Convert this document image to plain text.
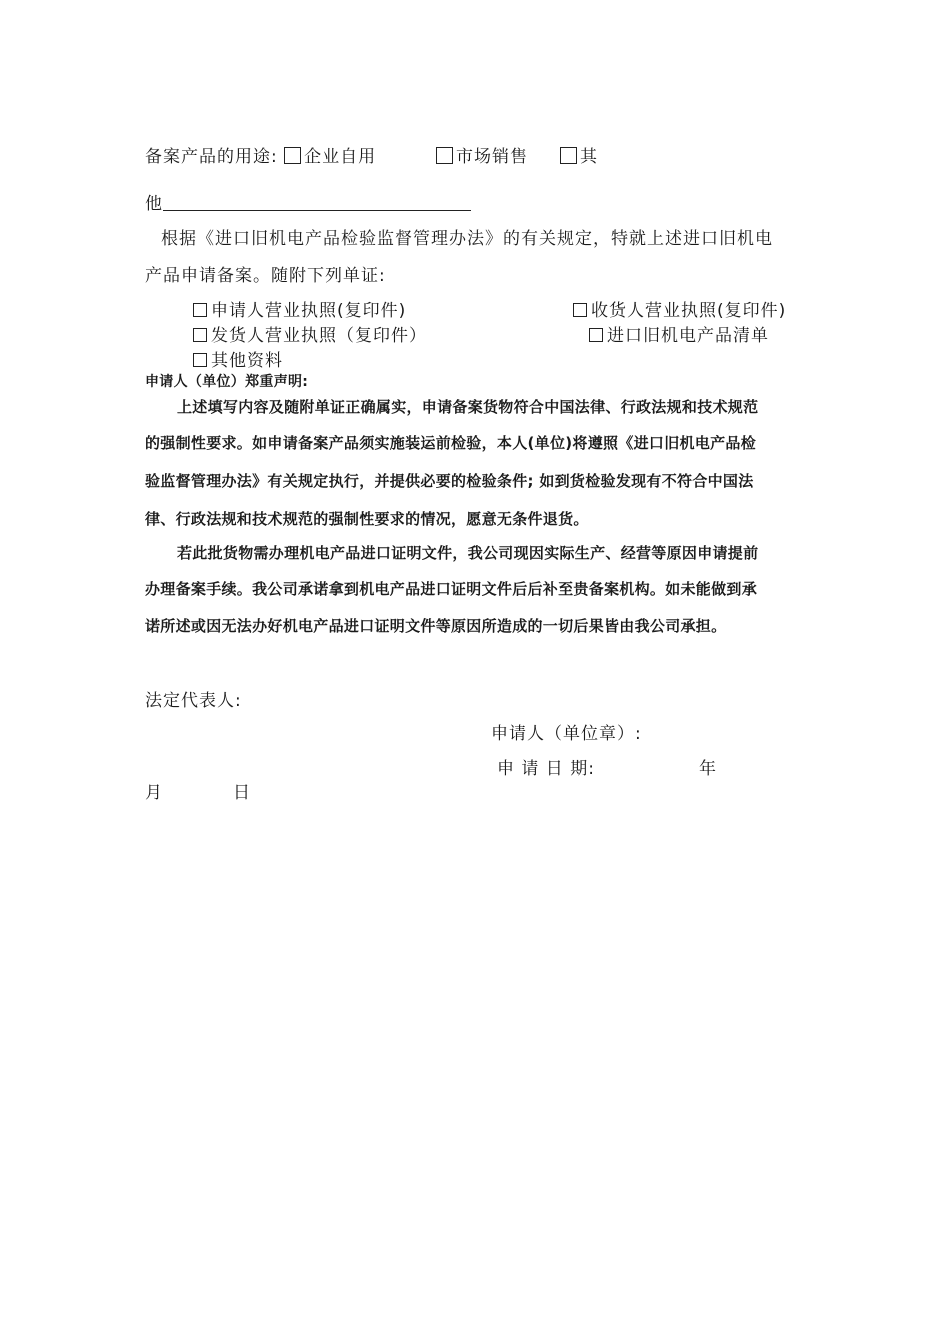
备案产品的用途: 企业自用	市场销售	其
他
根据《进口旧机电产品检验监督管理办法》的有关规定，特就上述进口旧机电
产品申请备案。随附下列单证:
申请人营业执照(复印件)	收货人营业执照(复印件)
发货人营业执照（复印件）	进口旧机电产品清单
其他资料
申请人（单位）郑重声明:
上述填写内容及随附单证正确属实，申请备案货物符合中国法律、行政法规和技术规范
的强制性要求。如申请备案产品须实施装运前检验，本人(单位)将遵照《进口旧机电产品检
验监督管理办法》有关规定执行，并提供必要的检验条件; 如到货检验发现有不符合中国法
律、行政法规和技术规范的强制性要求的情况，愿意无条件退货。
若此批货物需办理机电产品进口证明文件，我公司现因实际生产、经营等原因申请提前
办理备案手续。我公司承诺拿到机电产品进口证明文件后后补至贵备案机构。如未能做到承
诺所述或因无法办好机电产品进口证明文件等原因所造成的一切后果皆由我公司承担。
法定代表人:
申请人（单位章）:
申 请 日 期:	年
月	日
